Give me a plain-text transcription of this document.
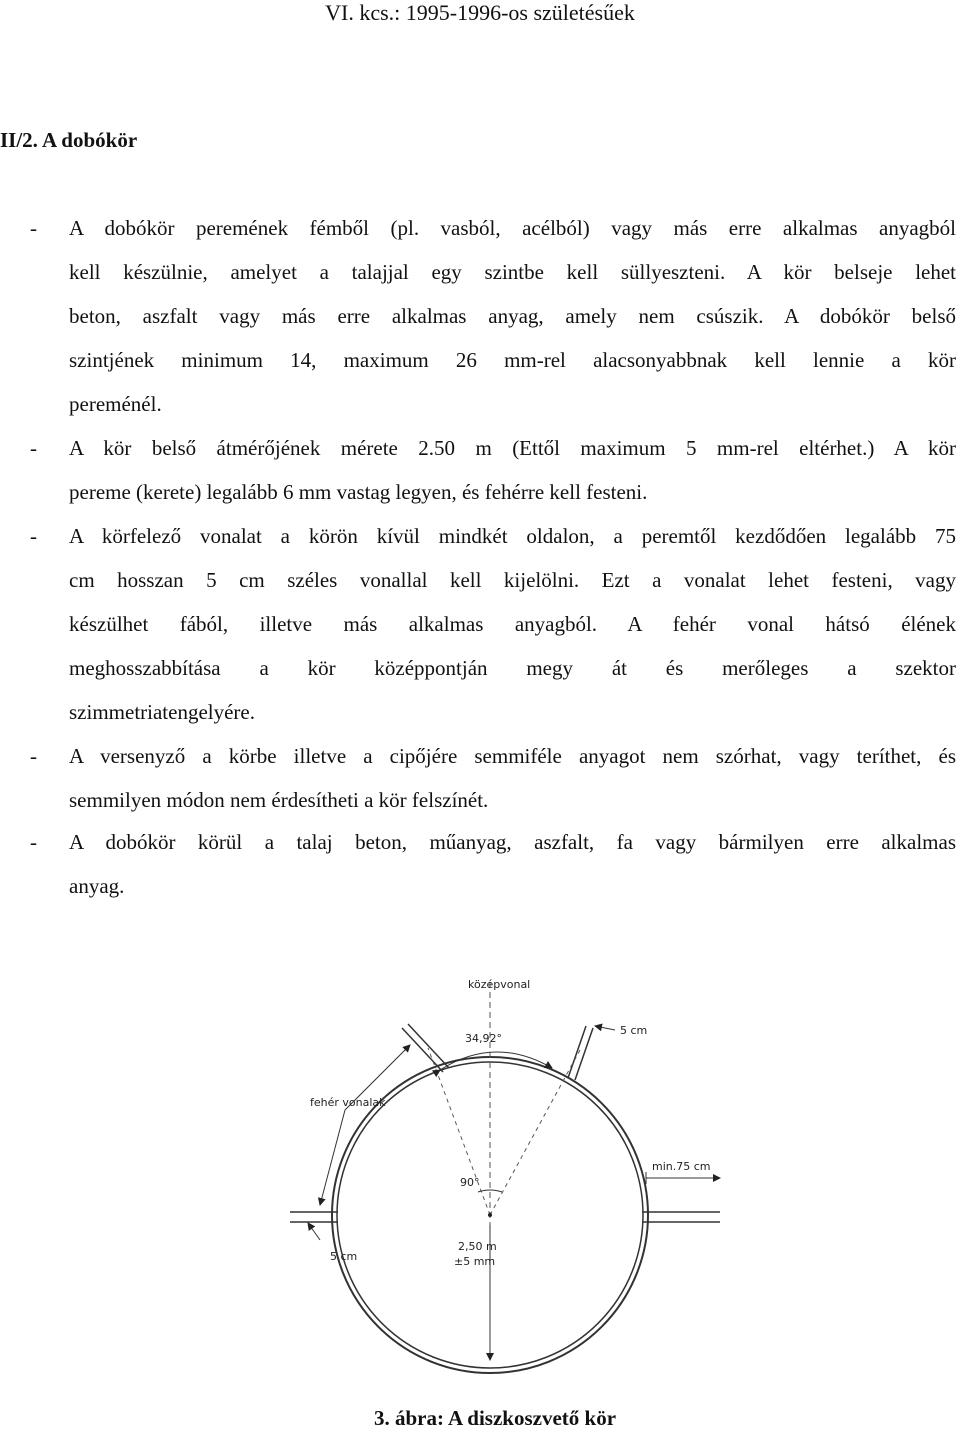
VI. kcs.: 1995-1996-os születésűek
II/2. A dobókör
- A dobókör peremének fémből (pl. vasból, acélból) vagy más erre alkalmas anyagból
kell készülnie, amelyet a talajjal egy szintbe kell süllyeszteni. A kör belseje lehet
beton, aszfalt vagy más erre alkalmas anyag, amely nem csúszik. A dobókör belső
szintjének minimum 14, maximum 26 mm-rel alacsonyabbnak kell lennie a kör
pereménél.
- A kör belső átmérőjének mérete 2.50 m (Ettől maximum 5 mm-rel eltérhet.) A kör
pereme (kerete) legalább 6 mm vastag legyen, és fehérre kell festeni.
- A körfelező vonalat a körön kívül mindkét oldalon, a peremtől kezdődően legalább 75
cm hosszan 5 cm széles vonallal kell kijelölni. Ezt a vonalat lehet festeni, vagy
készülhet fából, illetve más alkalmas anyagból. A fehér vonal hátsó élének
meghosszabbítása a kör középpontján megy át és merőleges a szektor
szimmetriatengelyére.
- A versenyző a körbe illetve a cipőjére semmiféle anyagot nem szórhat, vagy teríthet, és
semmilyen módon nem érdesítheti a kör felszínét.
- A dobókör körül a talaj beton, műanyag, aszfalt, fa vagy bármilyen erre alkalmas
anyag.
középvonal
34,92°
5 cm
fehér vonalak
min.75 cm
90°
2,50 m
±5 mm
5 cm
3. ábra: A diszkoszvető kör
